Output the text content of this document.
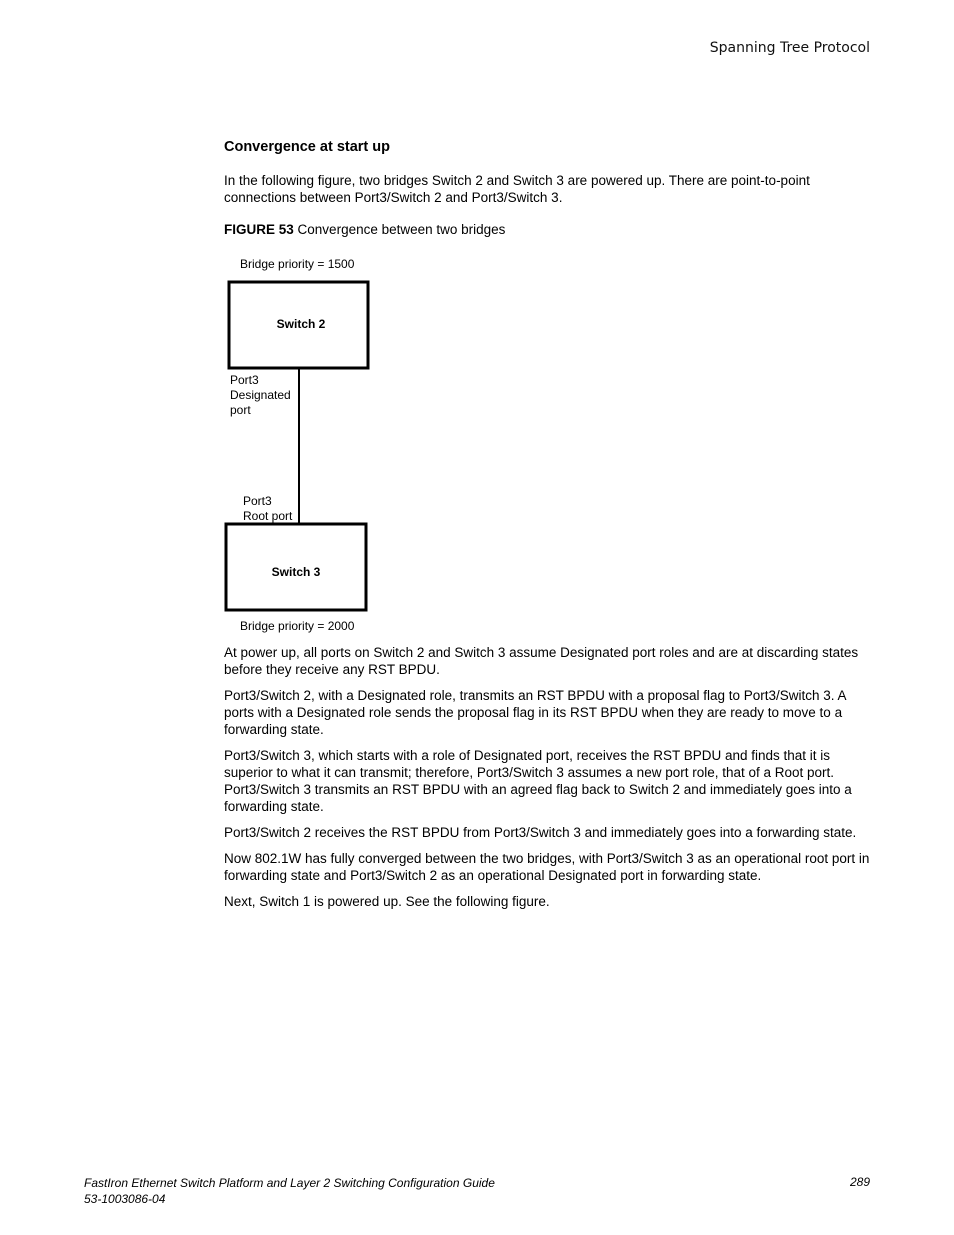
Spanning Tree Protocol
Convergence at start up

In the following figure, two bridges Switch 2 and Switch 3 are powered up. There are point-to-point connections between Port3/Switch 2 and Port3/Switch 3.

FIGURE 53 Convergence between two bridges

At power up, all ports on Switch 2 and Switch 3 assume Designated port roles and are at discarding states before they receive any RST BPDU.

Port3/Switch 2, with a Designated role, transmits an RST BPDU with a proposal flag to Port3/Switch 3. A ports with a Designated role sends the proposal flag in its RST BPDU when they are ready to move to a forwarding state.

Port3/Switch 3, which starts with a role of Designated port, receives the RST BPDU and finds that it is superior to what it can transmit; therefore, Port3/Switch 3 assumes a new port role, that of a Root port. Port3/Switch 3 transmits an RST BPDU with an agreed flag back to Switch 2 and immediately goes into a forwarding state.

Port3/Switch 2 receives the RST BPDU from Port3/Switch 3 and immediately goes into a forwarding state.

Now 802.1W has fully converged between the two bridges, with Port3/Switch 3 as an operational root port in forwarding state and Port3/Switch 2 as an operational Designated port in forwarding state.

Next, Switch 1 is powered up. See the following figure.

Bridge priority = 1500
Switch 2
Port3
Designated
port
Port3
Root port
Switch 3
Bridge priority = 2000
FastIron Ethernet Switch Platform and Layer 2 Switching Configuration Guide
53-1003086-04
289
